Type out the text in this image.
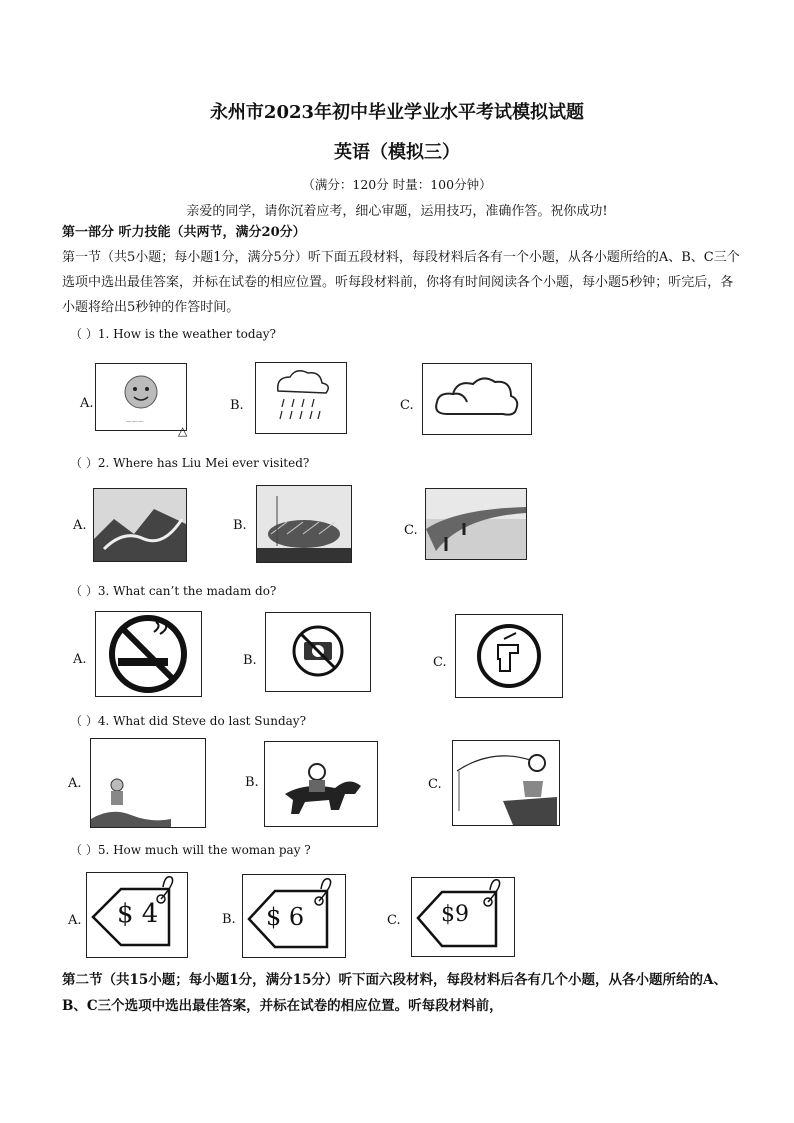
永州市2023年初中毕业学业水平考试模拟试题
英语（模拟三）
（满分：120分 时量：100分钟）
亲爱的同学，请你沉着应考，细心审题，运用技巧，准确作答。祝你成功!
第一部分 听力技能（共两节，满分20分）
第一节（共5小题；每小题1分，满分5分）听下面五段材料，每段材料后各有一个小题，从各小题所给的A、B、C三个选项中选出最佳答案，并标在试卷的相应位置。听每段材料前，你将有时间阅读各个小题，每小题5秒钟；听完后，各小题将给出5秒钟的作答时间。
（ ）1. How is the weather today?
A.
～～～
△
B.	C.
（ ）2. Where has Liu Mei ever visited?
A.	B.	C.
（ ）3. What can’t the madam do?
A.	B.	C.
（ ）4. What did Steve do last Sunday?
A.	B.	C.
（ ）5. How much will the woman pay ?
A. $ 4	B. $ 6	C. $9
第二节（共15小题；每小题1分，满分15分）听下面六段材料，每段材料后各有几个小题，从各小题所给的A、B、C三个选项中选出最佳答案，并标在试卷的相应位置。听每段材料前，
